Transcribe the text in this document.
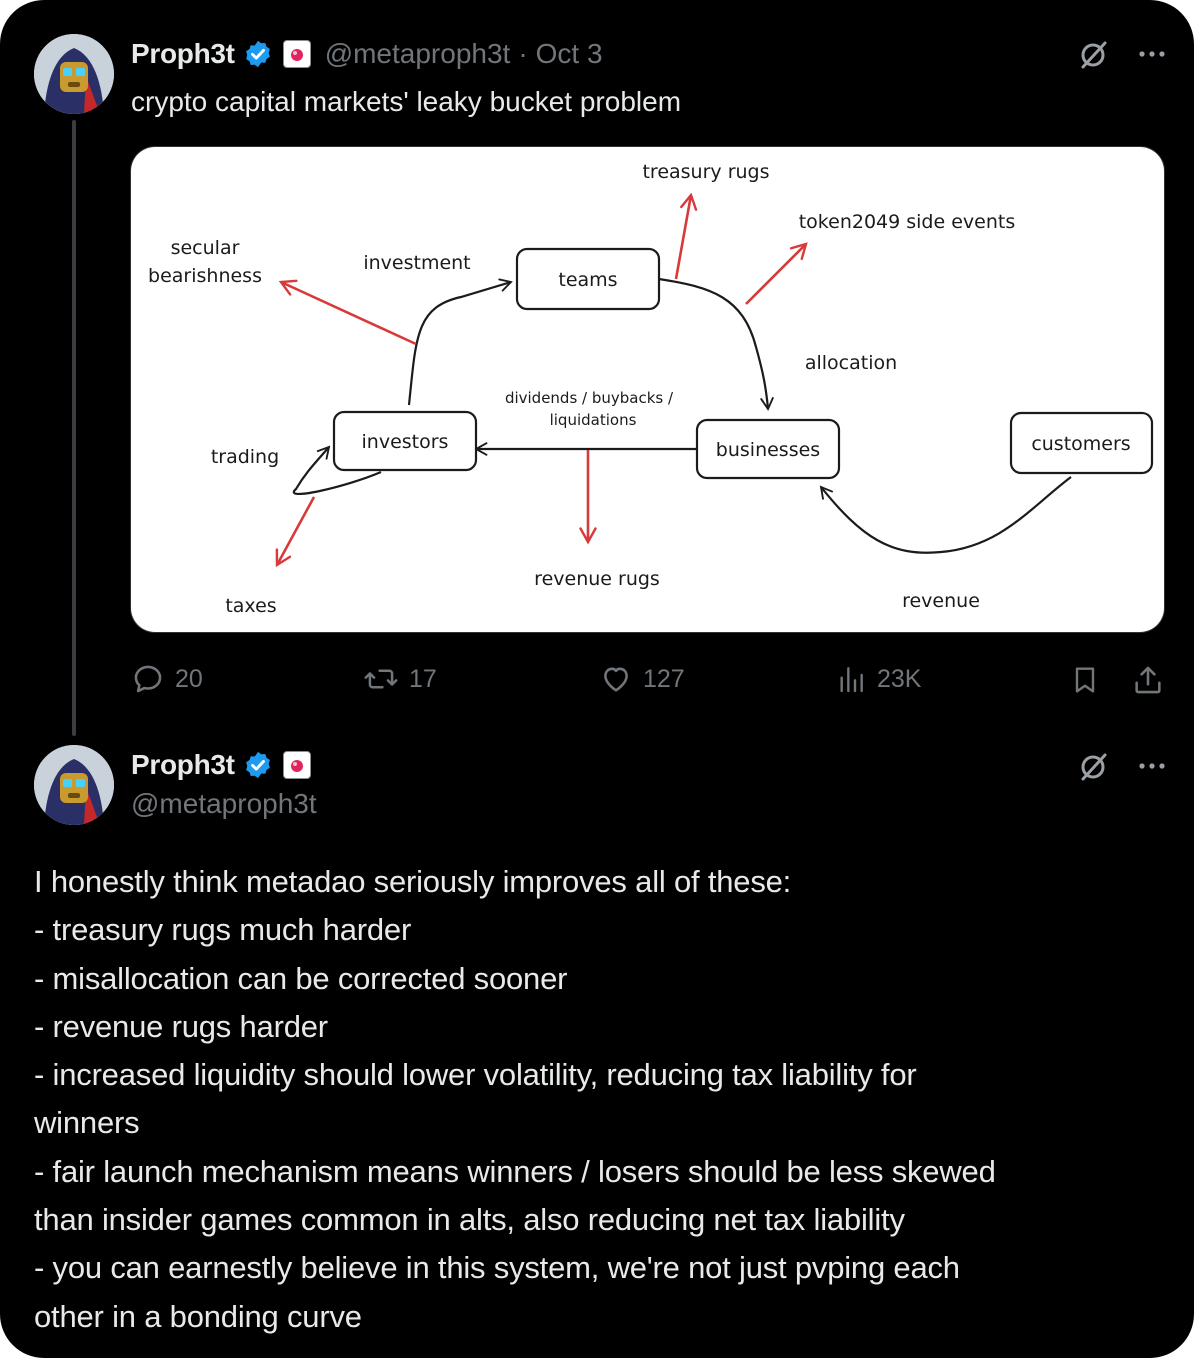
Proph3t	@metaproph3t · Oct 3
crypto capital markets' leaky bucket problem
teams
investors	businesses	customers
investment
allocation
dividends / buybacks /
liquidations
trading
revenue
treasury rugs
token2049 side events
secular
bearishness
revenue rugs
taxes
20	17	127	23K
Proph3t
@metaproph3t
I honestly think metadao seriously improves all of these:
- treasury rugs much harder
- misallocation can be corrected sooner
- revenue rugs harder
- increased liquidity should lower volatility, reducing tax liability for
winners
- fair launch mechanism means winners / losers should be less skewed
than insider games common in alts, also reducing net tax liability
- you can earnestly believe in this system, we're not just pvping each
other in a bonding curve
